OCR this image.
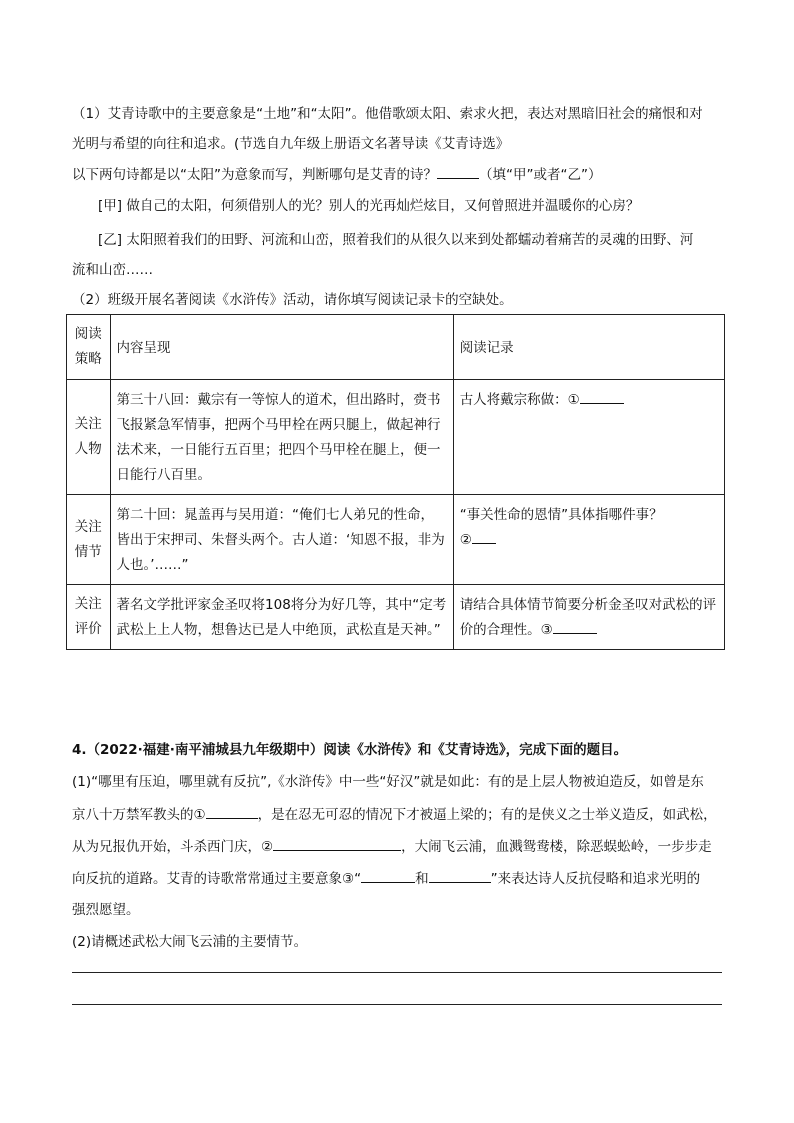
（1）艾青诗歌中的主要意象是“土地”和“太阳”。他借歌颂太阳、索求火把，表达对黑暗旧社会的痛恨和对
光明与希望的向往和追求。(节选自九年级上册语文名著导读《艾青诗选》
以下两句诗都是以“太阳”为意象而写，判断哪句是艾青的诗？	（填“甲”或者“乙”）
[甲] 做自己的太阳，何须借别人的光？别人的光再灿烂炫目，又何曾照进并温暖你的心房？
[乙] 太阳照着我们的田野、河流和山峦，照着我们的从很久以来到处都蠕动着痛苦的灵魂的田野、河
流和山峦……
（2）班级开展名著阅读《水浒传》活动，请你填写阅读记录卡的空缺处。
阅读策略	内容呈现	阅读记录
关注人物	第三十八回：戴宗有一等惊人的道术，但出路时，赍书飞报紧急军情事，把两个马甲栓在两只腿上，做起神行法术来，一日能行五百里；把四个马甲栓在腿上，便一日能行八百里。	古人将戴宗称做：①
关注情节	第二十回：晁盖再与吴用道：“俺们七人弟兄的性命，皆出于宋押司、朱督头两个。古人道：‘知恩不报，非为人也。’……”	“事关性命的恩情”具体指哪件事？
②

关注评价	著名文学批评家金圣叹将108将分为好几等，其中“定考武松上上人物，想鲁达已是人中绝顶，武松直是天神。”	请结合具体情节简要分析金圣叹对武松的评价的合理性。③
4.（2022·福建·南平浦城县九年级期中）阅读《水浒传》和《艾青诗选》，完成下面的题目。
(1)“哪里有压迫，哪里就有反抗”,《水浒传》中一些“好汉”就是如此：有的是上层人物被迫造反，如曾是东
京八十万禁军教头的①	，是在忍无可忍的情况下才被逼上梁的；有的是侠义之士举义造反，如武松，
从为兄报仇开始，斗杀西门庆，②	，大闹飞云浦，血溅鸳鸯楼，除恶蜈蚣岭，一步步走
向反抗的道路。艾青的诗歌常常通过主要意象③“	和	”来表达诗人反抗侵略和追求光明的
强烈愿望。
(2)请概述武松大闹飞云浦的主要情节。
